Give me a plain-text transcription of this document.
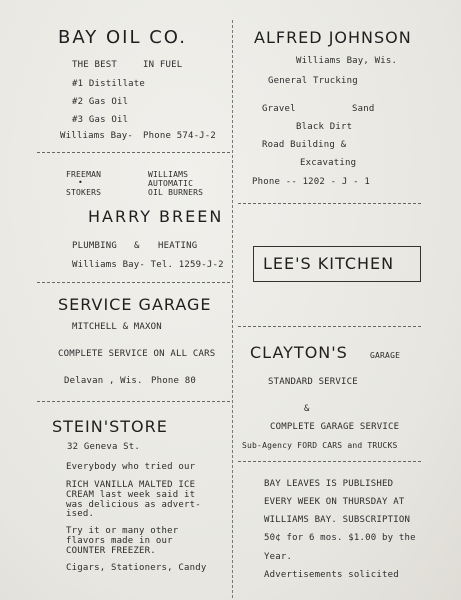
BAY OIL CO.
THE BEST	IN FUEL
#1 Distillate
#2 Gas Oil
#3 Gas Oil
Williams Bay- Phone 574-J-2
FREEMAN
•
STOKERS
WILLIAMS
AUTOMATIC
OIL BURNERS
HARRY BREEN
PLUMBING & HEATING
Williams Bay- Tel. 1259-J-2
SERVICE GARAGE
MITCHELL & MAXON
COMPLETE SERVICE ON ALL CARS
Delavan , Wis. Phone 80
STEIN'STORE
32 Geneva St.
Everybody who tried our
RICH VANILLA MALTED ICE
CREAM last week said it
was delicious as advert-
ised.
Try it or many other
flavors made in our
COUNTER FREEZER.
Cigars, Stationers, Candy
ALFRED JOHNSON
Williams Bay, Wis.
General Trucking
Gravel	Sand
Black Dirt
Road Building &
Excavating
Phone -- 1202 - J - 1
LEE'S KITCHEN
CLAYTON'S	GARAGE
STANDARD SERVICE
&
COMPLETE GARAGE SERVICE
Sub-Agency FORD CARS and TRUCKS
BAY LEAVES IS PUBLISHED
EVERY WEEK ON THURSDAY AT
WILLIAMS BAY. SUBSCRIPTION
50¢ for 6 mos. $1.00 by the
Year.
Advertisements solicited
